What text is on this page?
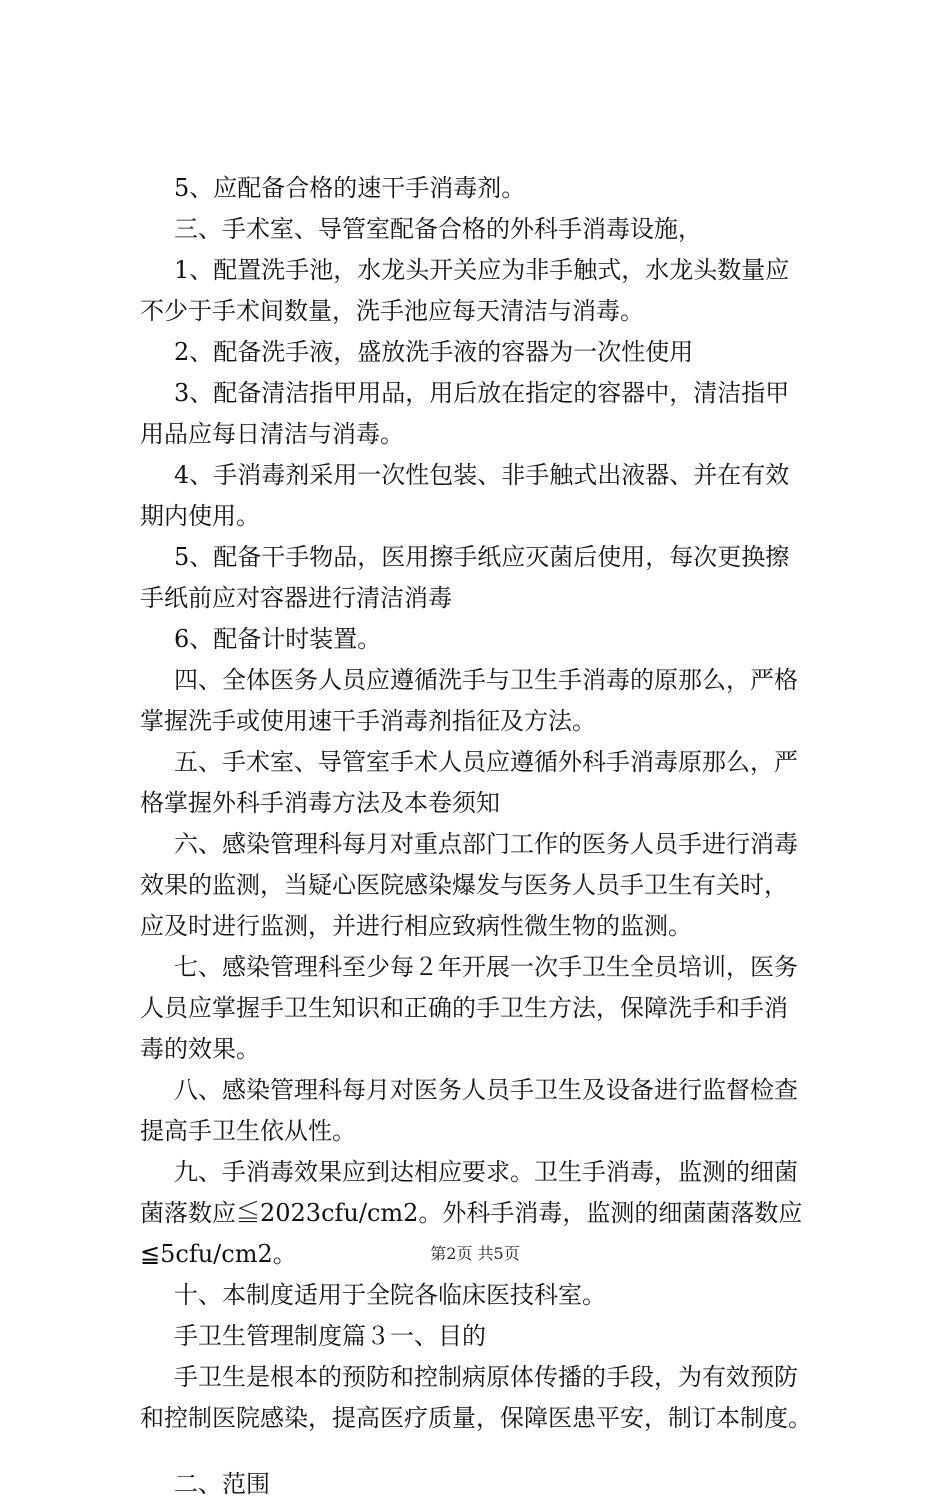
5、应配备合格的速干手消毒剂。
三、手术室、导管室配备合格的外科手消毒设施，
1、配置洗手池，水龙头开关应为非手触式，水龙头数量应
不少于手术间数量，洗手池应每天清洁与消毒。
2、配备洗手液，盛放洗手液的容器为一次性使用
3、配备清洁指甲用品，用后放在指定的容器中，清洁指甲
用品应每日清洁与消毒。
4、手消毒剂采用一次性包装、非手触式出液器、并在有效
期内使用。
5、配备干手物品，医用擦手纸应灭菌后使用，每次更换擦
手纸前应对容器进行清洁消毒
6、配备计时装置。
四、全体医务人员应遵循洗手与卫生手消毒的原那么，严格
掌握洗手或使用速干手消毒剂指征及方法。
五、手术室、导管室手术人员应遵循外科手消毒原那么，严
格掌握外科手消毒方法及本卷须知
六、感染管理科每月对重点部门工作的医务人员手进行消毒
效果的监测，当疑心医院感染爆发与医务人员手卫生有关时，
应及时进行监测，并进行相应致病性微生物的监测。
七、感染管理科至少每２年开展一次手卫生全员培训，医务
人员应掌握手卫生知识和正确的手卫生方法，保障洗手和手消
毒的效果。
八、感染管理科每月对医务人员手卫生及设备进行监督检查
提高手卫生依从性。
九、手消毒效果应到达相应要求。卫生手消毒，监测的细菌
菌落数应≦2023cfu/cm2。外科手消毒，监测的细菌菌落数应
≦5cfu/cm2。
十、本制度适用于全院各临床医技科室。
手卫生管理制度篇３一、目的
手卫生是根本的预防和控制病原体传播的手段，为有效预防
和控制医院感染，提高医疗质量，保障医患平安，制订本制度。
二、范围
第2页 共5页
